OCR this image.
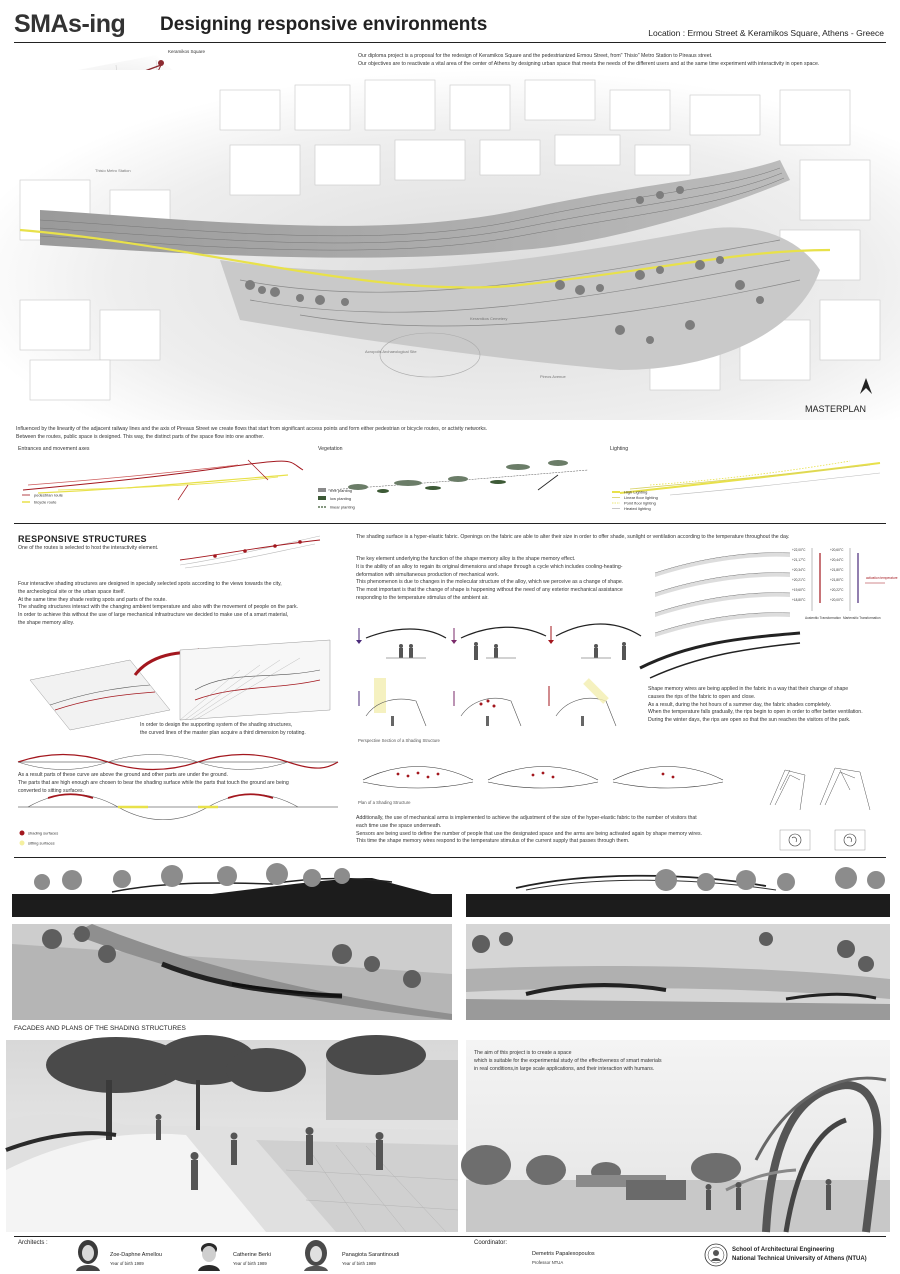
SMAs-ing Designing responsive environments	Location : Ermou Street & Keramikos Square, Athens - Greece
Keramikos Square
Our diploma project is a proposal for the redesign of Keramikos Square and the pedestrianized Ermou Street, from" Thisio" Metro Station to Pireaus street.
Our objectives are to reactivate a vital area of the center of Athens by designing urban space that meets the needs of the different users and at the same time experiment with interactivity in open space.
Thisio Metro Station
Keramikos Cemetery
Acropolis Archaeological Site
Pireos Avenue
MASTERPLAN
Influenced by the linearity of the adjacent railway lines and the axis of Pireaus Street we create flows that start from significant access points and form either pedestrian or bicycle routes, or activity networks.
Between the routes, public space is designed. This way, the distinct parts of the space flow into one another.
Entrances and movement axes
pedestrian route
bicycle route
Vegetation
tree planting
low planting
linear planting
Lighting
High Lighting
Linear floor lighting
Point floor lighting
Heated lighting
RESPONSIVE STRUCTURES
One of the routes is selected to host the interactivity element.
Four interactive shading structures are designed in specially selected spots according to the views towards the city,
the archeological site or the urban space itself.
At the same time they shade resting spots and parts of the route.
The shading structures interact with the changing ambient temperature and also with the movement of people on the park.
In order to achieve this without the use of large mechanical infrastructure we decided to make use of a smart material,
the shape memory alloy.
In order to design the supporting system of the shading structures,
the curved lines of the master plan acquire a third dimension by rotating.
As a result parts of these curve are above the ground and other parts are under the ground.
The parts that are high enough are chosen to bear the shading surface while the parts that touch the ground are being
converted to sitting surfaces.
shading surfaces
sitting surfaces
The shading surface is a hyper-elastic fabric. Openings on the fabric are able to alter their size in order to offer shade, sunlight or ventilation according to the temperature throughout the day.
The key element underlying the function of the shape memory alloy is the shape memory effect.
It is the ability of an alloy to regain its original dimensions and shape through a cycle which includes cooling-heating-
deformation with simultaneous production of mechanical work.
This phenomenon is due to changes in the molecular structure of the alloy, which we perceive as a change of shape.
The most important is that the change of shape is happening without the need of any exterior mechanical assistance
responding to the temperature stimulus of the ambient air.
+22,00°C
+21,17°C
+20,34°C
+20,21°C
+19,60°C
+18,80°C
+20,60°C
+20,44°C
+21,80°C
+21,80°C
+20,22°C
+20,00°C
Austenitic Transformation Martensitic Transformation
activation temperature
Perspective Section of a Shading Structure
Shape memory wires are being applied in the fabric in a way that their change of shape
causes the rips of the fabric to open and close.
As a result, during the hot hours of a summer day, the fabric shades completely.
When the temperature falls gradually, the rips begin to open in order to offer better ventilation.
During the winter days, the rips are open so that the sun reaches the visitors of the park.
Plan of a Shading Structure
Additionally, the use of mechanical arms is implemented to achieve the adjustment of the size of the hyper-elastic fabric to the number of visitors that
each time use the space underneath.
Sensors are being used to define the number of people that use the designated space and the arms are being activated again by shape memory wires.
This time the shape memory wires respond to the temperature stimulus of the current supply that passes through them.
FACADES AND PLANS OF THE SHADING STRUCTURES
The aim of this project is to create a space
which is suitable for the experimental study of the effectiveness of smart materials
in real conditions,in large scale applications, and their interaction with humans.
Architects :
Zoe-Daphne Arnellou
Year of birth 1989
Catherine Berki
Year of birth 1989
Panagiota Sarantinoudi
Year of birth 1989
Coordinator:
Demetris Papalexopoulos
Professor NTUA
School of Architectural Engineering
National Technical University of Athens (NTUA)
